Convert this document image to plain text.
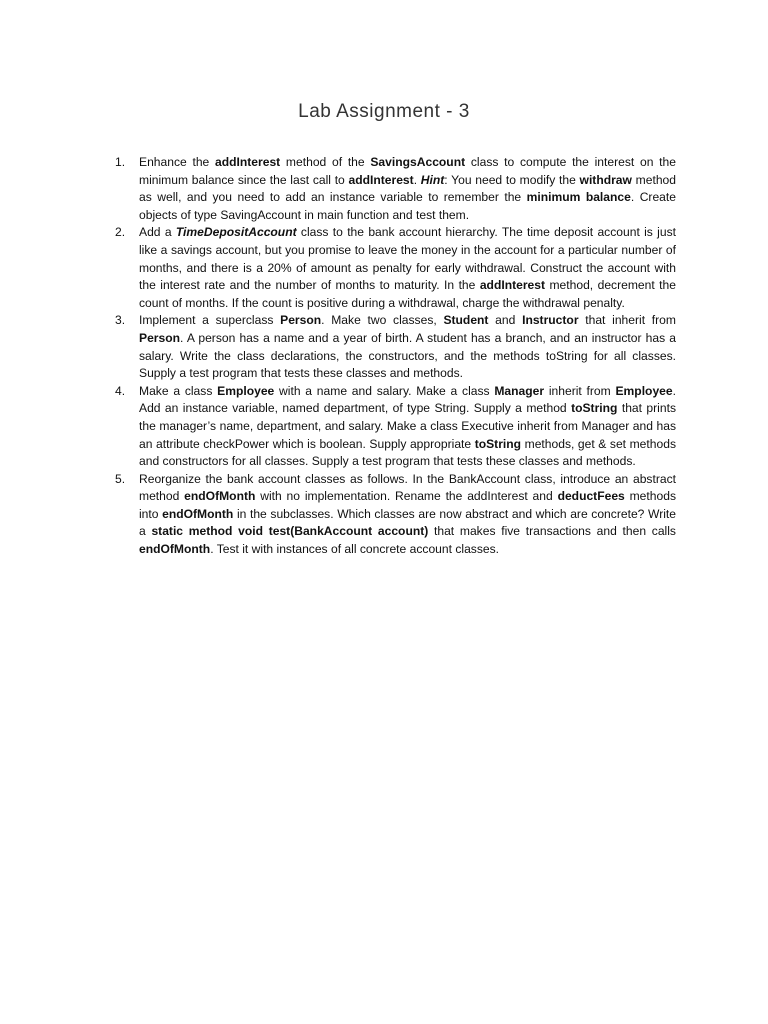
Lab Assignment - 3
1. Enhance the addInterest method of the SavingsAccount class to compute the interest on the minimum balance since the last call to addInterest. Hint: You need to modify the withdraw method as well, and you need to add an instance variable to remember the minimum balance. Create objects of type SavingAccount in main function and test them.
2. Add a TimeDepositAccount class to the bank account hierarchy. The time deposit account is just like a savings account, but you promise to leave the money in the account for a particular number of months, and there is a 20% of amount as penalty for early withdrawal. Construct the account with the interest rate and the number of months to maturity. In the addInterest method, decrement the count of months. If the count is positive during a withdrawal, charge the withdrawal penalty.
3. Implement a superclass Person. Make two classes, Student and Instructor that inherit from Person. A person has a name and a year of birth. A student has a branch, and an instructor has a salary. Write the class declarations, the constructors, and the methods toString for all classes. Supply a test program that tests these classes and methods.
4. Make a class Employee with a name and salary. Make a class Manager inherit from Employee. Add an instance variable, named department, of type String. Supply a method toString that prints the manager’s name, department, and salary. Make a class Executive inherit from Manager and has an attribute checkPower which is boolean. Supply appropriate toString methods, get & set methods and constructors for all classes. Supply a test program that tests these classes and methods.
5. Reorganize the bank account classes as follows. In the BankAccount class, introduce an abstract method endOfMonth with no implementation. Rename the addInterest and deductFees methods into endOfMonth in the subclasses. Which classes are now abstract and which are concrete? Write a static method void test(BankAccount account) that makes five transactions and then calls endOfMonth. Test it with instances of all concrete account classes.
